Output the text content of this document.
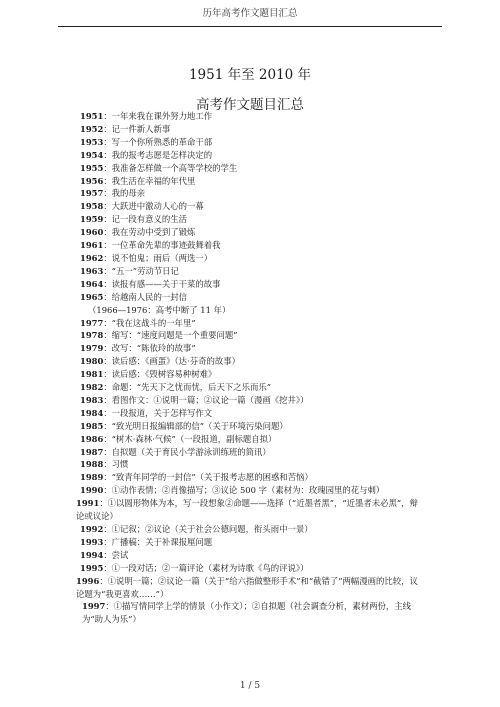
历年高考作文题目汇总
1951 年至 2010 年
高考作文题目汇总
1951：一年来我在课外努力地工作
1952：记一件新人新事
1953：写一个你所熟悉的革命干部
1954：我的报考志愿是怎样决定的
1955：我准备怎样做一个高等学校的学生
1956：我生活在幸福的年代里
1957：我的母亲
1958：大跃进中激动人心的一幕
1959：记一段有意义的生活
1960：我在劳动中受到了锻炼
1961：一位革命先辈的事迹鼓舞着我
1962：说不怕鬼；雨后（两选一）
1963：“五一”劳动节日记
1964：读报有感——关于干菜的故事
1965：给越南人民的一封信
（1966—1976：高考中断了 11 年）
1977：“我在这战斗的一年里”
1978：缩写：“速度问题是一个重要问题”
1979：改写：“陈依玲的故事”
1980：读后感：《画蛋》（达·芬奇的故事）
1981：读后感：《毁树容易种树难》
1982：命题：“先天下之忧而忧，后天下之乐而乐”
1983：看图作文：①说明一篇；②议论一篇（漫画《挖井》）
1984：一段报道，关于怎样写作文
1985：“致光明日报编辑部的信”（关于环境污染问题）
1986：“树木·森林·气候”（一段报道，副标题自拟）
1987：自拟题（关于育民小学游泳训练班的简讯）
1988：习惯
1989：“致青年同学的一封信”（关于报考志愿的困惑和苦恼）
1990：①动作表情；②肖像描写；③议论 500 字（素材为：玫瑰园里的花与刺）
1991：①以圆形物体为本，写一段想象②命题——选择（“近墨者黑”，“近墨者未必黑”，辩论或议论）
1992：①记叙；②议论（关于社会公德问题，衔头雨中一景）
1993：广播稿：关于补课报厘问题
1994：尝试
1995：①一段对话；②一篇评论（素材为诗歌《鸟的评说》）
1996：①说明一篇；②议论一篇（关于“给六指做整形手术”和“截错了”两幅漫画的比较，议论题为“我更喜欢……”）
1997：①描写情同学上学的情景（小作文）；②自拟题（社会调查分析，素材两份，主线为“助人为乐”）
1 / 5
